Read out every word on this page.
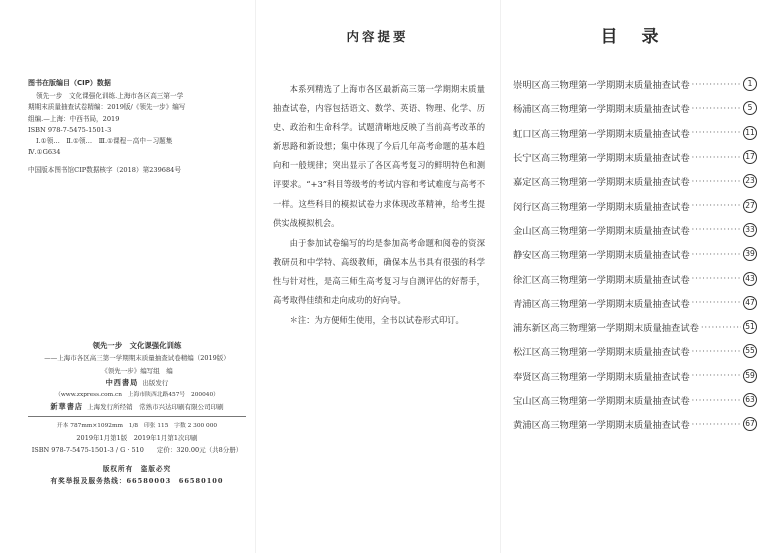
图书在版编目（CIP）数据
领先一步　文化课强化训练.上海市各区高三第一学
期期末质量抽查试卷精编：2019版/《领先一步》编写
组编.—上海：中西书局，2019
ISBN 978-7-5475-1501-3
Ⅰ.①领…　Ⅱ.①领…　Ⅲ.①课程－高中－习题集
Ⅳ.①G634
中国版本图书馆CIP数据核字（2018）第239684号
领先一步　文化课强化训练
——上海市各区高三第一学期期末质量抽查试卷精编（2019版）
《领先一步》编写组　编
中西書局 出版发行
（www.zxpress.com.cn　上海市陕西北路457号　200040）
新華書店 上海发行所经销　常熟市兴达印刷有限公司印刷
开本 787mm×1092mm　1/8　印张 115　字数 2 300 000
2019年1月第1版　2019年1月第1次印刷
ISBN 978-7-5475-1501-3 / G · 510　　定价：320.00元（共8分册）
版权所有　盗版必究
有奖举报及服务热线：66580003　66580100
内容提要

本系列精选了上海市各区最新高三第一学期期末质量抽查试卷，内容包括语文、数学、英语、物理、化学、历史、政治和生命科学。试题清晰地反映了当前高考改革的新思路和新设想；集中体现了今后几年高考命题的基本趋向和一般规律；突出显示了各区高考复习的鲜明特色和测评要求。“+3”科目等级考的考试内容和考试难度与高考不一样。这些科目的模拟试卷力求体现改革精神，给考生提供实战模拟机会。

由于参加试卷编写的均是参加高考命题和阅卷的资深教研员和中学特、高级教师，确保本丛书具有很强的科学性与针对性，是高三师生高考复习与自测评估的好帮手，高考取得佳绩和走向成功的好向导。

＊注：为方便师生使用，全书以试卷形式印订。

目录
崇明区高三物理第一学期期末质量抽查试卷 ·····	1
杨浦区高三物理第一学期期末质量抽查试卷 ·····	5
虹口区高三物理第一学期期末质量抽查试卷 ·····	11
长宁区高三物理第一学期期末质量抽查试卷 ·····	17
嘉定区高三物理第一学期期末质量抽查试卷 ·····	23
闵行区高三物理第一学期期末质量抽查试卷 ·····	27
金山区高三物理第一学期期末质量抽查试卷 ·····	33
静安区高三物理第一学期期末质量抽查试卷 ·····	39
徐汇区高三物理第一学期期末质量抽查试卷 ·····	43
青浦区高三物理第一学期期末质量抽查试卷 ·····	47
浦东新区高三物理第一学期期末质量抽查试卷 ·····	51
松江区高三物理第一学期期末质量抽查试卷 ·····	55
奉贤区高三物理第一学期期末质量抽查试卷 ·····	59
宝山区高三物理第一学期期末质量抽查试卷 ·····	63
黄浦区高三物理第一学期期末质量抽查试卷 ·····	67
